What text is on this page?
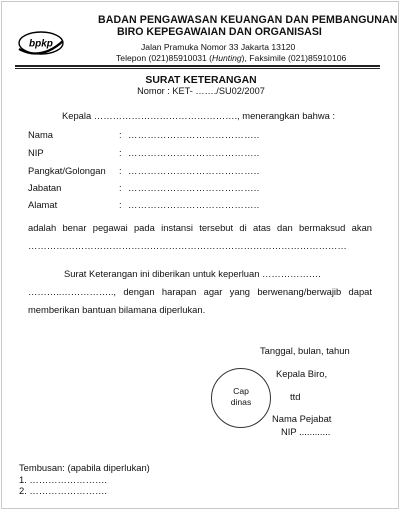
bpkp
BADAN PENGAWASAN KEUANGAN DAN PEMBANGUNAN
BIRO KEPEGAWAIAN DAN ORGANISASI
Jalan Pramuka Nomor 33 Jakarta 13120
Telepon (021)85910031 (Hunting), Faksimile (021)85910106
SURAT KETERANGAN
Nomor : KET- ……./SU02/2007
Kepala ………………………………………., menerangkan bahwa :
Nama	: …………………………………..
NIP	: …………………………………..
Pangkat/Golongan : …………………………………..
Jabatan	: …………………………………..
Alamat	: …………………………………..
adalah benar pegawai pada instansi tersebut di atas dan bermaksud akan
…………………………………………………………………………………………
Surat Keterangan ini diberikan untuk keperluan ……………….
………..…………….., dengan harapan agar yang berwenang/berwajib dapat
memberikan bantuan bilamana diperlukan.
Tanggal, bulan, tahun
Kepala Biro,
ttd
Nama Pejabat
NIP ............
Cap
dinas
Tembusan: (apabila diperlukan)
1. …………………….
2. …………………….
